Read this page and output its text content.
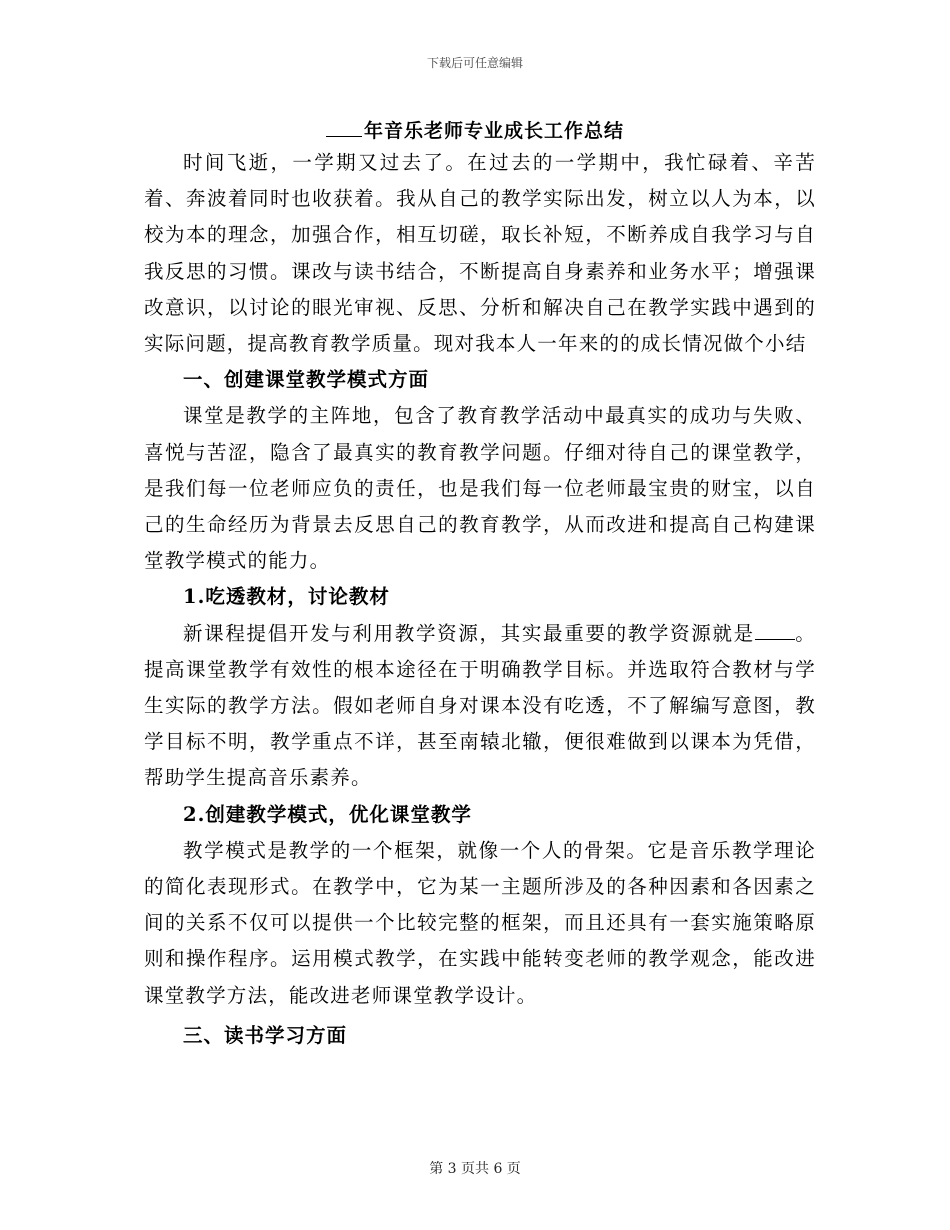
下载后可任意编辑
年音乐老师专业成长工作总结

时间飞逝，一学期又过去了。在过去的一学期中，我忙碌着、辛苦着、奔波着同时也收获着。我从自己的教学实际出发，树立以人为本，以校为本的理念，加强合作，相互切磋，取长补短，不断养成自我学习与自我反思的习惯。课改与读书结合，不断提高自身素养和业务水平；增强课改意识，以讨论的眼光审视、反思、分析和解决自己在教学实践中遇到的实际问题，提高教育教学质量。现对我本人一年来的的成长情况做个小结

一、创建课堂教学模式方面

课堂是教学的主阵地，包含了教育教学活动中最真实的成功与失败、喜悦与苦涩，隐含了最真实的教育教学问题。仔细对待自己的课堂教学，是我们每一位老师应负的责任，也是我们每一位老师最宝贵的财宝，以自己的生命经历为背景去反思自己的教育教学，从而改进和提高自己构建课堂教学模式的能力。

1.吃透教材，讨论教材

新课程提倡开发与利用教学资源，其实最重要的教学资源就是 。提高课堂教学有效性的根本途径在于明确教学目标。并选取符合教材与学生实际的教学方法。假如老师自身对课本没有吃透，不了解编写意图，教学目标不明，教学重点不详，甚至南辕北辙，便很难做到以课本为凭借，帮助学生提高音乐素养。

2.创建教学模式，优化课堂教学

教学模式是教学的一个框架，就像一个人的骨架。它是音乐教学理论的简化表现形式。在教学中，它为某一主题所涉及的各种因素和各因素之间的关系不仅可以提供一个比较完整的框架，而且还具有一套实施策略原则和操作程序。运用模式教学，在实践中能转变老师的教学观念，能改进课堂教学方法，能改进老师课堂教学设计。

三、读书学习方面

第 3 页共 6 页
